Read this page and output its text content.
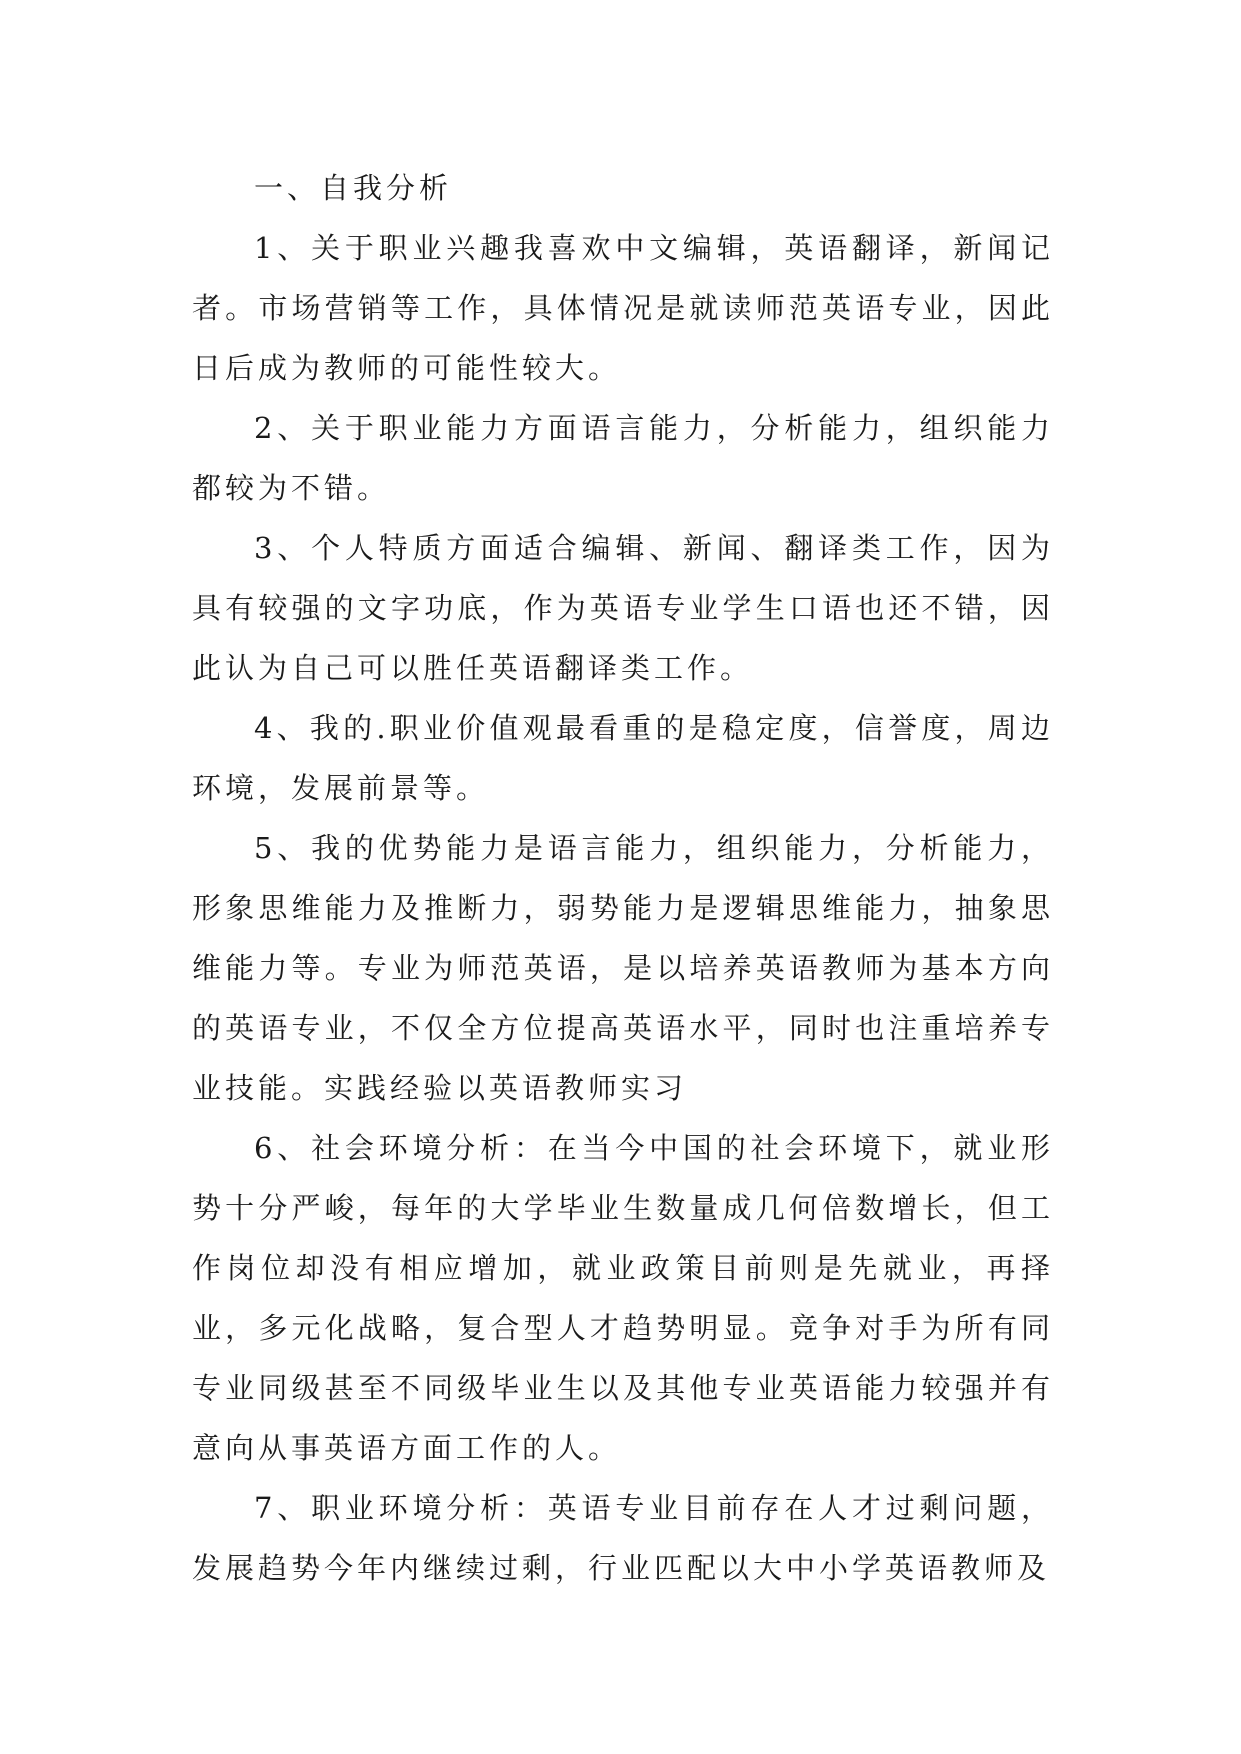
一、自我分析

1、关于职业兴趣我喜欢中文编辑，英语翻译，新闻记者。市场营销等工作，具体情况是就读师范英语专业，因此日后成为教师的可能性较大。

2、关于职业能力方面语言能力，分析能力，组织能力都较为不错。

3、个人特质方面适合编辑、新闻、翻译类工作，因为具有较强的文字功底，作为英语专业学生口语也还不错，因此认为自己可以胜任英语翻译类工作。

4、我的.职业价值观最看重的是稳定度，信誉度，周边环境，发展前景等。

5、我的优势能力是语言能力，组织能力，分析能力，形象思维能力及推断力，弱势能力是逻辑思维能力，抽象思维能力等。专业为师范英语，是以培养英语教师为基本方向的英语专业，不仅全方位提高英语水平，同时也注重培养专业技能。实践经验以英语教师实习

6、社会环境分析：在当今中国的社会环境下，就业形势十分严峻，每年的大学毕业生数量成几何倍数增长，但工作岗位却没有相应增加，就业政策目前则是先就业，再择业，多元化战略，复合型人才趋势明显。竞争对手为所有同专业同级甚至不同级毕业生以及其他专业英语能力较强并有意向从事英语方面工作的人。

7、职业环境分析：英语专业目前存在人才过剩问题，发展趋势今年内继续过剩，行业匹配以大中小学英语教师及
